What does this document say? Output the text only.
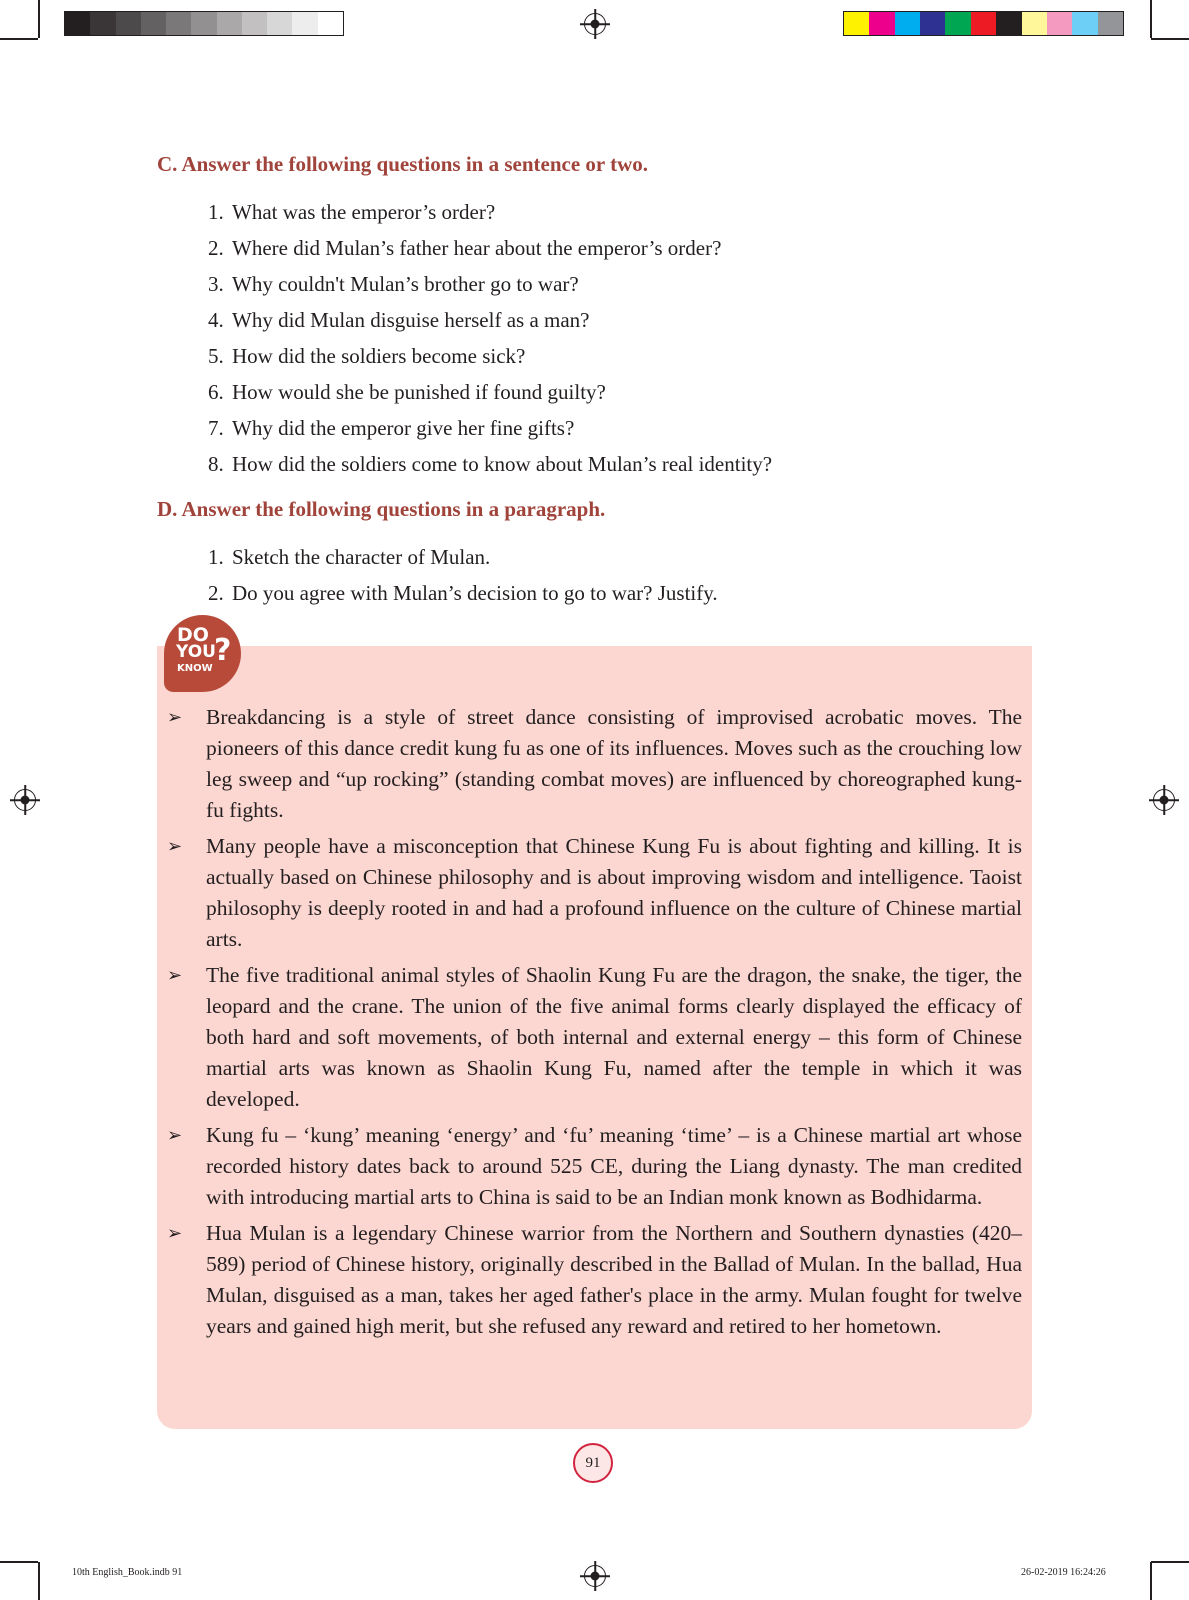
C. Answer the following questions in a sentence or two.
1. What was the emperor’s order?
2. Where did Mulan’s father hear about the emperor’s order?
3. Why couldn't Mulan’s brother go to war?
4. Why did Mulan disguise herself as a man?
5. How did the soldiers become sick?
6. How would she be punished if found guilty?
7. Why did the emperor give her fine gifts?
8. How did the soldiers come to know about Mulan’s real identity?
D. Answer the following questions in a paragraph.
1. Sketch the character of Mulan.
2. Do you agree with Mulan’s decision to go to war? Justify.
DO
YOU
KNOW
?
➢ Breakdancing is a style of street dance consisting of improvised acrobatic moves. The pioneers of this dance credit kung fu as one of its influences. Moves such as the crouching low leg sweep and “up rocking” (standing combat moves) are influenced by choreographed kung-fu fights.
➢ Many people have a misconception that Chinese Kung Fu is about fighting and killing. It is actually based on Chinese philosophy and is about improving wisdom and intelligence. Taoist philosophy is deeply rooted in and had a profound influence on the culture of Chinese martial arts.
➢ The five traditional animal styles of Shaolin Kung Fu are the dragon, the snake, the tiger, the leopard and the crane. The union of the five animal forms clearly displayed the efficacy of both hard and soft movements, of both internal and external energy – this form of Chinese martial arts was known as Shaolin Kung Fu, named after the temple in which it was developed.
➢ Kung fu – ‘kung’ meaning ‘energy’ and ‘fu’ meaning ‘time’ – is a Chinese martial art whose recorded history dates back to around 525 CE, during the Liang dynasty. The man credited with introducing martial arts to China is said to be an Indian monk known as Bodhidarma.
➢ Hua Mulan is a legendary Chinese warrior from the Northern and Southern dynasties (420–589) period of Chinese history, originally described in the Ballad of Mulan. In the ballad, Hua Mulan, disguised as a man, takes her aged father's place in the army. Mulan fought for twelve years and gained high merit, but she refused any reward and retired to her hometown.
91
10th English_Book.indb 91	26-02-2019 16:24:26
